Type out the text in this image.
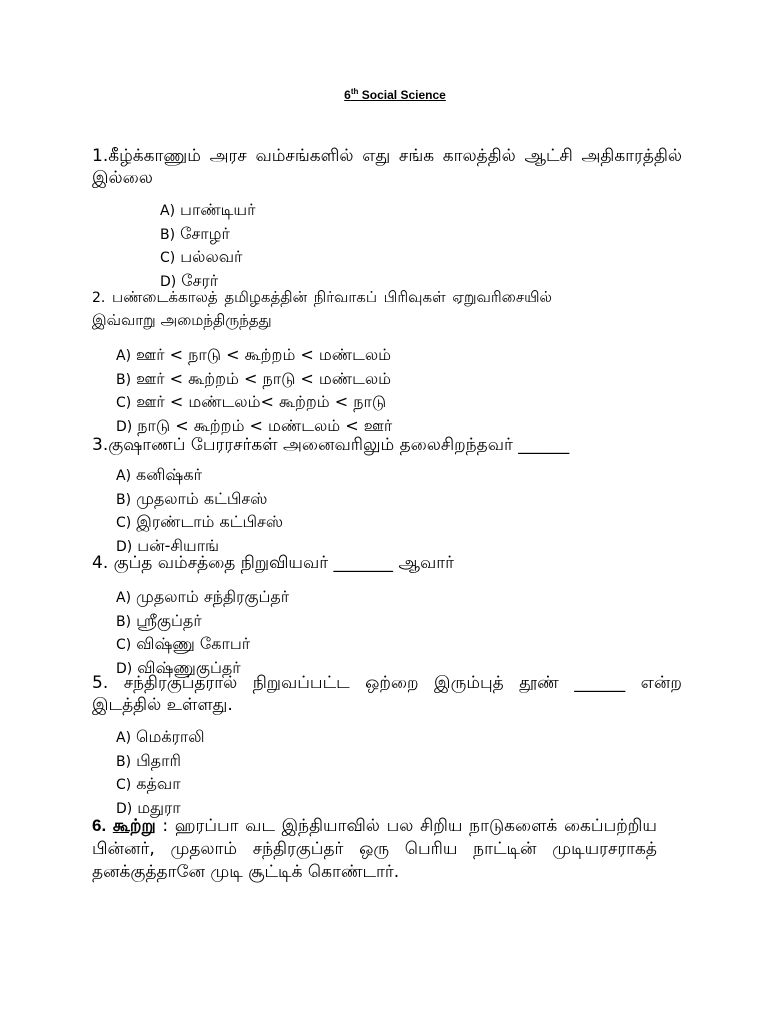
6th Social Science
1.கீழ்க்காணும் அரச வம்சங்களில் எது சங்க காலத்தில் ஆட்சி அதிகாரத்தில் இல்லை
A) பாண்டியர்
B) சோழர்
C) பல்லவர்
D) சேரர்
2. பண்டைக்காலத் தமிழகத்தின் நிர்வாகப் பிரிவுகள் ஏறுவரிசையில் இவ்வாறு அமைந்திருந்தது
A) ஊர் < நாடு < கூற்றம் < மண்டலம்
B) ஊர் < கூற்றம் < நாடு < மண்டலம்
C) ஊர் < மண்டலம்< கூற்றம் < நாடு
D) நாடு < கூற்றம் < மண்டலம் < ஊர்
3.குஷாணப் பேரரசர்கள் அனைவரிலும் தலைசிறந்தவர் ______
A) கனிஷ்கர்
B) முதலாம் கட்பிசஸ்
C) இரண்டாம் கட்பிசஸ்
D) பன்-சியாங்
4. குப்த வம்சத்தை நிறுவியவர் _______ ஆவார்
A) முதலாம் சந்திரகுப்தர்
B) ஸ்ரீகுப்தர்
C) விஷ்ணு கோபர்
D) விஷ்ணுகுப்தர்
5. சந்திரகுப்தரால் நிறுவப்பட்ட ஒற்றை இரும்புத் தூண் ______ என்ற இடத்தில் உள்ளது.
A) மெக்ராலி
B) பிதாரி
C) கத்வா
D) மதுரா
6. கூற்று : ஹரப்பா வட இந்தியாவில் பல சிறிய நாடுகளைக் கைப்பற்றிய பின்னர், முதலாம் சந்திரகுப்தர் ஒரு பெரிய நாட்டின் முடியரசராகத் தனக்குத்தானே முடி சூட்டிக் கொண்டார்.
